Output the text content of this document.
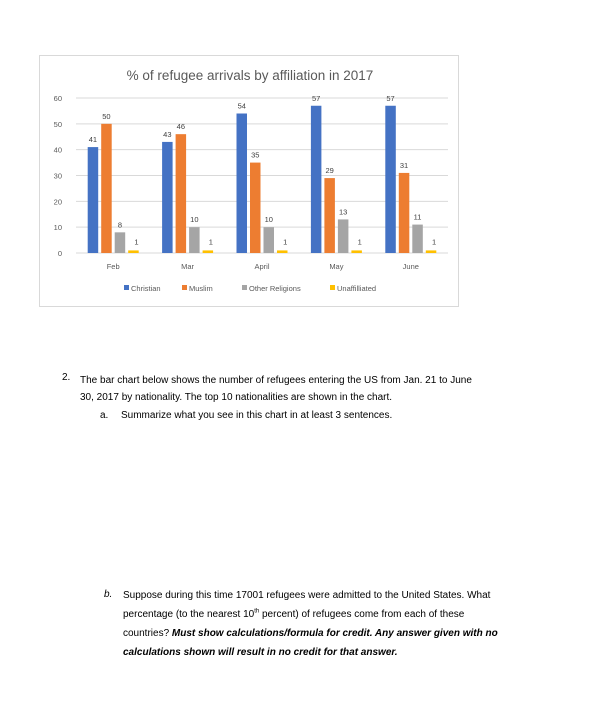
% of refugee arrivals by affiliation in 2017
0
10
20
30
40
50
60
41
50
8
1
Feb
43
46
10
1
Mar
54
35
10
1
April
57
29
13
1
May
57
31
11
1
June
Christian	Muslim	Other Religions	Unaffilliated
2. The bar chart below shows the number of refugees entering the US from Jan. 21 to June
30, 2017 by nationality. The top 10 nationalities are shown in the chart.
a. Summarize what you see in this chart in at least 3 sentences.
b. Suppose during this time 17001 refugees were admitted to the United States. What
percentage (to the nearest 10th percent) of refugees come from each of these
countries? Must show calculations/formula for credit. Any answer given with no
calculations shown will result in no credit for that answer.
